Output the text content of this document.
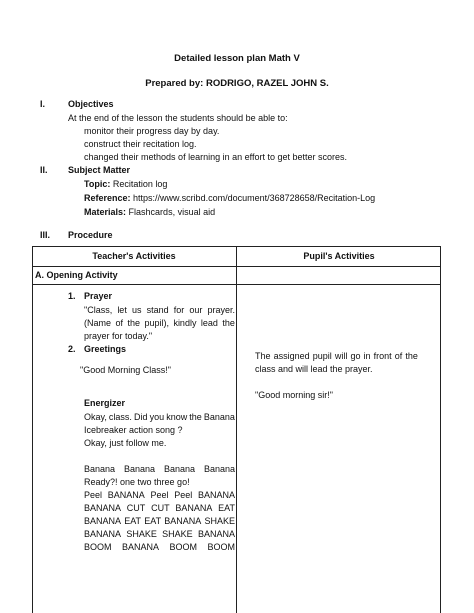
Detailed lesson plan Math V
Prepared by: RODRIGO, RAZEL JOHN S.
I.	Objectives
At the end of the lesson the students should be able to:
monitor their progress day by day.
construct their recitation log.
changed their methods of learning in an effort to get better scores.
II. Subject Matter
Topic: Recitation log
Reference: https://www.scribd.com/document/368728658/Recitation-Log
Materials: Flashcards, visual aid
III. Procedure
Teacher's Activities	Pupil's Activities
A. Opening Activity
1. Prayer
"Class, let us stand for our prayer.
(Name of the pupil), kindly lead the
prayer for today."
2. Greetings
"Good Morning Class!"
Energizer
Okay, class. Did you know the Banana
Icebreaker action song ?
Okay, just follow me.
Banana Banana Banana Banana
Ready?! one two three go!
Peel BANANA Peel Peel BANANA
BANANA CUT CUT BANANA EAT
BANANA EAT EAT BANANA SHAKE
BANANA SHAKE SHAKE BANANA
BOOM BANANA BOOM BOOM
The assigned pupil will go in front of the
class and will lead the prayer.
"Good morning sir!"
